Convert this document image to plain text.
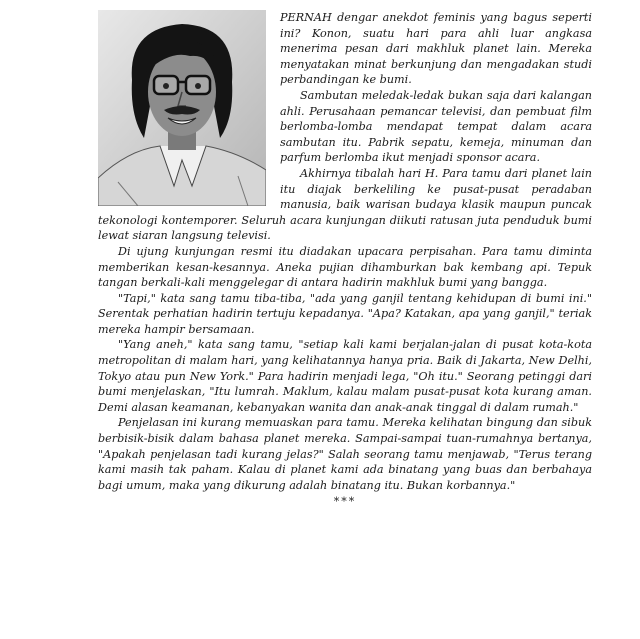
PERNAH dengar anekdot feminis yang bagus seperti ini? Konon, suatu hari para ahli luar angkasa menerima pesan dari makhluk planet lain. Mereka menyatakan minat berkunjung dan mengadakan studi perbandingan ke bumi.

Sambutan meledak-ledak bukan saja dari kalangan ahli. Perusahaan pemancar televisi, dan pembuat film berlomba-lomba mendapat tempat dalam acara sambutan itu. Pabrik sepatu, kemeja, minuman dan parfum berlomba ikut menjadi sponsor acara.

Akhirnya tibalah hari H. Para tamu dari planet lain itu diajak berkeliling ke pusat-pusat peradaban manusia, baik warisan budaya klasik maupun puncak tekonologi kontemporer. Seluruh acara kunjungan diikuti ratusan juta penduduk bumi lewat siaran langsung televisi.

Di ujung kunjungan resmi itu diadakan upacara perpisahan. Para tamu diminta memberikan kesan-kesannya. Aneka pujian dihamburkan bak kembang api. Tepuk tangan berkali-kali menggelegar di antara hadirin makhluk bumi yang bangga.

"Tapi," kata sang tamu tiba-tiba, "ada yang ganjil tentang kehidupan di bumi ini." Serentak perhatian hadirin tertuju kepadanya. "Apa? Katakan, apa yang ganjil," teriak mereka hampir bersamaan.

"Yang aneh," kata sang tamu, "setiap kali kami berjalan-jalan di pusat kota-kota metropolitan di malam hari, yang kelihatannya hanya pria. Baik di Jakarta, New Delhi, Tokyo atau pun New York." Para hadirin menjadi lega, "Oh itu." Seorang petinggi dari bumi menjelaskan, "Itu lumrah. Maklum, kalau malam pusat-pusat kota kurang aman. Demi alasan keamanan, kebanyakan wanita dan anak-anak tinggal di dalam rumah."

Penjelasan ini kurang memuaskan para tamu. Mereka kelihatan bingung dan sibuk berbisik-bisik dalam bahasa planet mereka. Sampai-sampai tuan-rumahnya bertanya, "Apakah penjelasan tadi kurang jelas?" Salah seorang tamu menjawab, "Terus terang kami masih tak paham. Kalau di planet kami ada binatang yang buas dan berbahaya bagi umum, maka yang dikurung adalah binatang itu. Bukan korbannya."

***
